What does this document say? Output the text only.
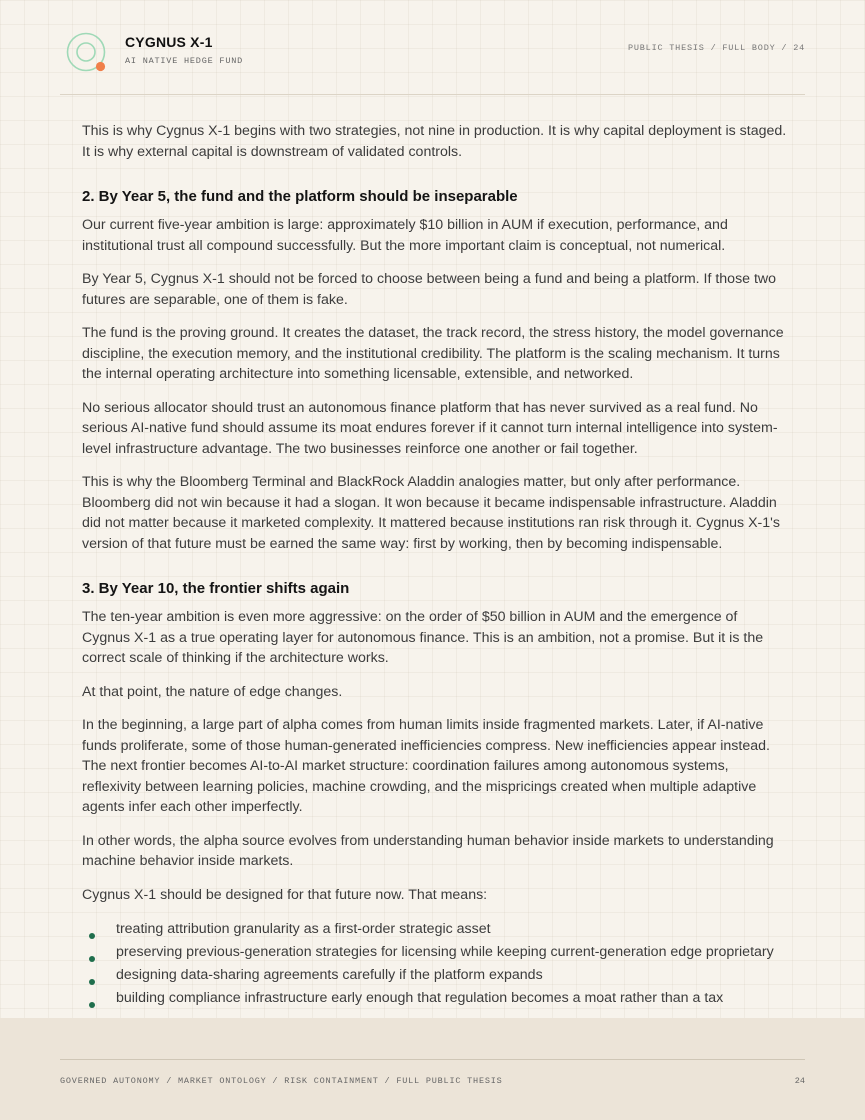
CYGNUS X-1
AI NATIVE HEDGE FUND
PUBLIC THESIS / FULL BODY / 24

This is why Cygnus X-1 begins with two strategies, not nine in production. It is why capital deployment is staged. It is why external capital is downstream of validated controls.

2. By Year 5, the fund and the platform should be inseparable

Our current five-year ambition is large: approximately $10 billion in AUM if execution, performance, and institutional trust all compound successfully. But the more important claim is conceptual, not numerical.

By Year 5, Cygnus X-1 should not be forced to choose between being a fund and being a platform. If those two futures are separable, one of them is fake.

The fund is the proving ground. It creates the dataset, the track record, the stress history, the model governance discipline, the execution memory, and the institutional credibility. The platform is the scaling mechanism. It turns the internal operating architecture into something licensable, extensible, and networked.

No serious allocator should trust an autonomous finance platform that has never survived as a real fund. No serious AI-native fund should assume its moat endures forever if it cannot turn internal intelligence into system-level infrastructure advantage. The two businesses reinforce one another or fail together.

This is why the Bloomberg Terminal and BlackRock Aladdin analogies matter, but only after performance. Bloomberg did not win because it had a slogan. It won because it became indispensable infrastructure. Aladdin did not matter because it marketed complexity. It mattered because institutions ran risk through it. Cygnus X-1's version of that future must be earned the same way: first by working, then by becoming indispensable.

3. By Year 10, the frontier shifts again

The ten-year ambition is even more aggressive: on the order of $50 billion in AUM and the emergence of Cygnus X-1 as a true operating layer for autonomous finance. This is an ambition, not a promise. But it is the correct scale of thinking if the architecture works.

At that point, the nature of edge changes.

In the beginning, a large part of alpha comes from human limits inside fragmented markets. Later, if AI-native funds proliferate, some of those human-generated inefficiencies compress. New inefficiencies appear instead. The next frontier becomes AI-to-AI market structure: coordination failures among autonomous systems, reflexivity between learning policies, machine crowding, and the mispricings created when multiple adaptive agents infer each other imperfectly.

In other words, the alpha source evolves from understanding human behavior inside markets to understanding machine behavior inside markets.

Cygnus X-1 should be designed for that future now. That means:

treating attribution granularity as a first-order strategic asset
preserving previous-generation strategies for licensing while keeping current-generation edge proprietary
designing data-sharing agreements carefully if the platform expands
building compliance infrastructure early enough that regulation becomes a moat rather than a tax
GOVERNED AUTONOMY / MARKET ONTOLOGY / RISK CONTAINMENT / FULL PUBLIC THESIS	24
